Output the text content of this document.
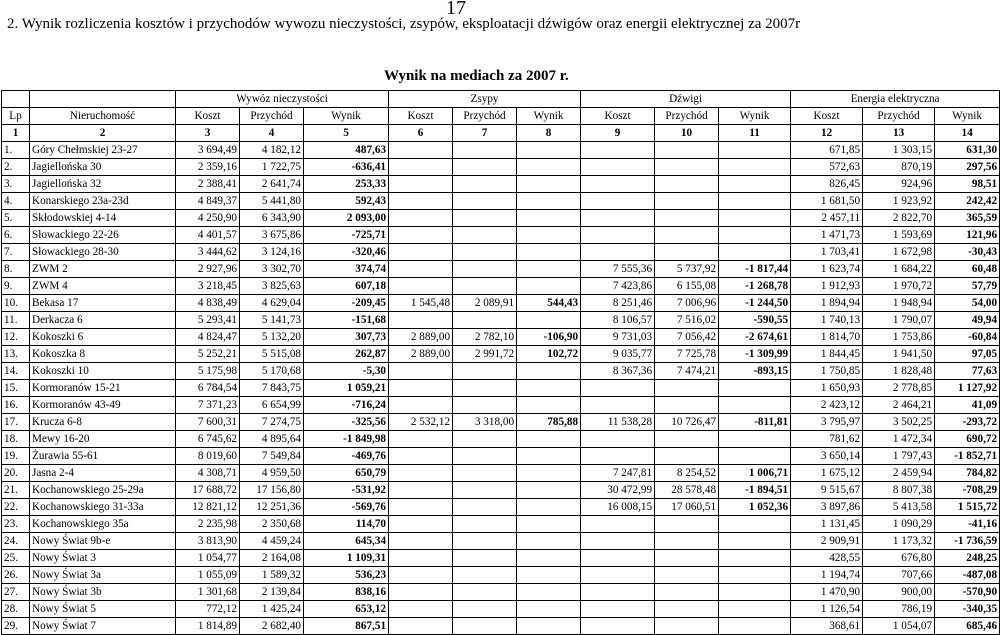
17
2. Wynik rozliczenia kosztów i przychodów wywozu nieczystości, zsypów, eksploatacji dźwigów oraz energii elektrycznej za 2007r
Wynik na mediach za 2007 r.
		Wywóz nieczystości			Zsypy			Dźwigi			Energia elektryczna		
Lp	Nieruchomość	Koszt	Przychód	Wynik	Koszt	Przychód	Wynik	Koszt	Przychód	Wynik	Koszt	Przychód	Wynik
1	2	3	4	5	6	7	8	9	10	11	12	13	14
1.	Góry Chełmskiej 23-27	3 694,49	4 182,12	487,63							671,85	1 303,15	631,30
2.	Jagiellońska 30	2 359,16	1 722,75	-636,41							572,63	870,19	297,56
3.	Jagiellońska 32	2 388,41	2 641,74	253,33							826,45	924,96	98,51
4.	Konarskiego 23a-23d	4 849,37	5 441,80	592,43							1 681,50	1 923,92	242,42
5.	Skłodowskiej 4-14	4 250,90	6 343,90	2 093,00							2 457,11	2 822,70	365,59
6.	Słowackiego 22-26	4 401,57	3 675,86	-725,71							1 471,73	1 593,69	121,96
7.	Słowackiego 28-30	3 444,62	3 124,16	-320,46							1 703,41	1 672,98	-30,43
8.	ZWM 2	2 927,96	3 302,70	374,74				7 555,36	5 737,92	-1 817,44	1 623,74	1 684,22	60,48
9.	ZWM 4	3 218,45	3 825,63	607,18				7 423,86	6 155,08	-1 268,78	1 912,93	1 970,72	57,79
10.	Bekasa 17	4 838,49	4 629,04	-209,45	1 545,48	2 089,91	544,43	8 251,46	7 006,96	-1 244,50	1 894,94	1 948,94	54,00
11.	Derkacza 6	5 293,41	5 141,73	-151,68				8 106,57	7 516,02	-590,55	1 740,13	1 790,07	49,94
12.	Kokoszki 6	4 824,47	5 132,20	307,73	2 889,00	2 782,10	-106,90	9 731,03	7 056,42	-2 674,61	1 814,70	1 753,86	-60,84
13.	Kokoszka 8	5 252,21	5 515,08	262,87	2 889,00	2 991,72	102,72	9 035,77	7 725,78	-1 309,99	1 844,45	1 941,50	97,05
14.	Kokoszki 10	5 175,98	5 170,68	-5,30				8 367,36	7 474,21	-893,15	1 750,85	1 828,48	77,63
15.	Kormoranów 15-21	6 784,54	7 843,75	1 059,21							1 650,93	2 778,85	1 127,92
16.	Kormoranów 43-49	7 371,23	6 654,99	-716,24							2 423,12	2 464,21	41,09
17.	Krucza 6-8	7 600,31	7 274,75	-325,56	2 532,12	3 318,00	785,88	11 538,28	10 726,47	-811,81	3 795,97	3 502,25	-293,72
18.	Mewy 16-20	6 745,62	4 895,64	-1 849,98							781,62	1 472,34	690,72
19.	Żurawia 55-61	8 019,60	7 549,84	-469,76							3 650,14	1 797,43	-1 852,71
20.	Jasna 2-4	4 308,71	4 959,50	650,79				7 247,81	8 254,52	1 006,71	1 675,12	2 459,94	784,82
21.	Kochanowskiego 25-29a	17 688,72	17 156,80	-531,92				30 472,99	28 578,48	-1 894,51	9 515,67	8 807,38	-708,29
22.	Kochanowskiego 31-33a	12 821,12	12 251,36	-569,76				16 008,15	17 060,51	1 052,36	3 897,86	5 413,58	1 515,72
23.	Kochanowskiego 35a	2 235,98	2 350,68	114,70							1 131,45	1 090,29	-41,16
24.	Nowy Świat 9b-e	3 813,90	4 459,24	645,34							2 909,91	1 173,32	-1 736,59
25.	Nowy Świat 3	1 054,77	2 164,08	1 109,31							428,55	676,80	248,25
26.	Nowy Świat 3a	1 055,09	1 589,32	536,23							1 194,74	707,66	-487,08
27.	Nowy Świat 3b	1 301,68	2 139,84	838,16							1 470,90	900,00	-570,90
28.	Nowy Świat 5	772,12	1 425,24	653,12							1 126,54	786,19	-340,35
29.	Nowy Świat 7	1 814,89	2 682,40	867,51							368,61	1 054,07	685,46
